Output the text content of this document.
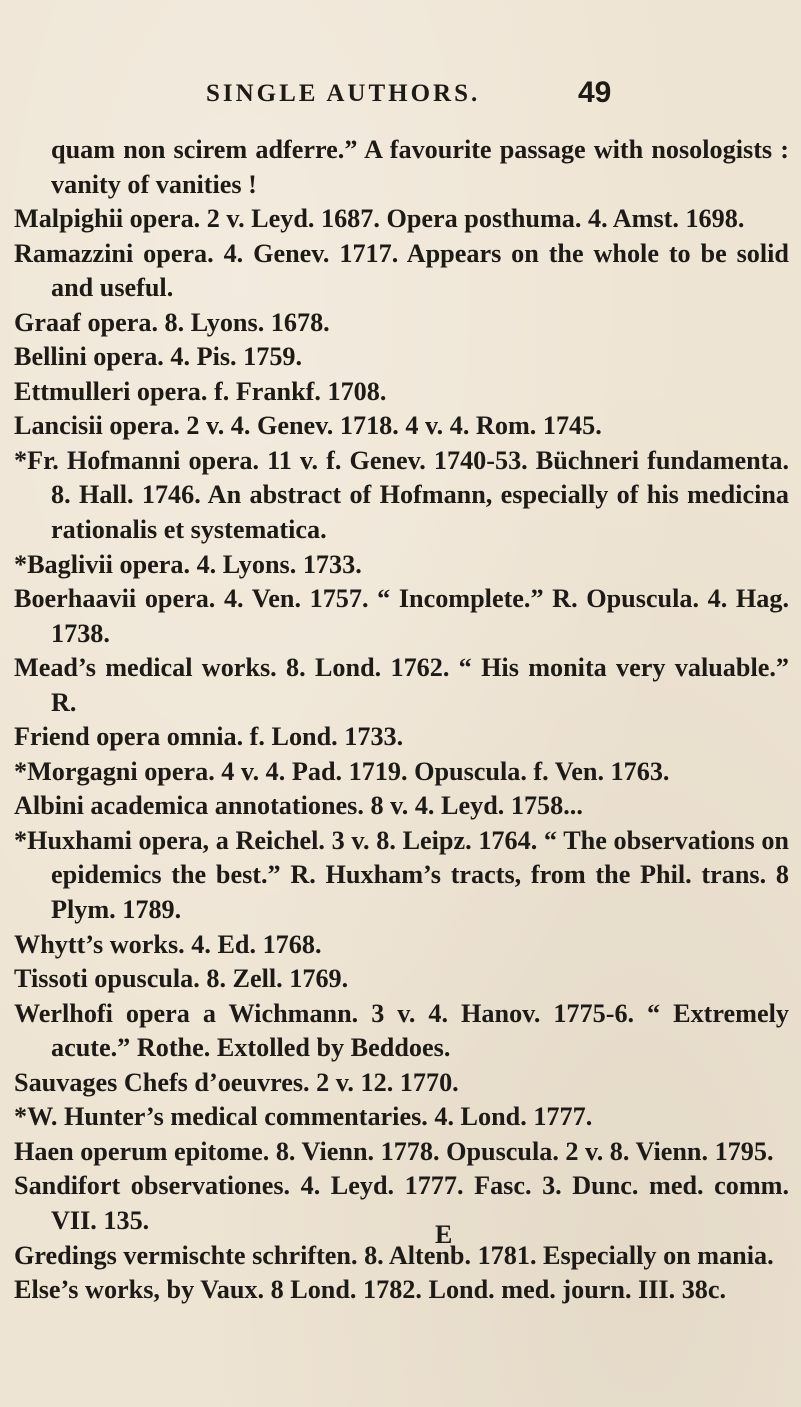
SINGLE AUTHORS.	49

quam non scirem adferre.” A favourite passage with nosologists : vanity of vanities !

Malpighii opera. 2 v. Leyd. 1687. Opera posthuma. 4. Amst. 1698.

Ramazzini opera. 4. Genev. 1717. Appears on the whole to be solid and useful.

Graaf opera. 8. Lyons. 1678.

Bellini opera. 4. Pis. 1759.

Ettmulleri opera. f. Frankf. 1708.

Lancisii opera. 2 v. 4. Genev. 1718. 4 v. 4. Rom. 1745.

*Fr. Hofmanni opera. 11 v. f. Genev. 1740-53. Büchneri fundamenta. 8. Hall. 1746. An abstract of Hofmann, especially of his medicina rationalis et systematica.

*Baglivii opera. 4. Lyons. 1733.

Boerhaavii opera. 4. Ven. 1757. “ Incomplete.” R. Opuscula. 4. Hag. 1738.

Mead’s medical works. 8. Lond. 1762. “ His monita very valuable.” R.

Friend opera omnia. f. Lond. 1733.

*Morgagni opera. 4 v. 4. Pad. 1719. Opuscula. f. Ven. 1763.

Albini academica annotationes. 8 v. 4. Leyd. 1758...

*Huxhami opera, a Reichel. 3 v. 8. Leipz. 1764. “ The observations on epidemics the best.” R. Huxham’s tracts, from the Phil. trans. 8 Plym. 1789.

Whytt’s works. 4. Ed. 1768.

Tissoti opuscula. 8. Zell. 1769.

Werlhofi opera a Wichmann. 3 v. 4. Hanov. 1775-6. “ Extremely acute.” Rothe. Extolled by Beddoes.

Sauvages Chefs d’oeuvres. 2 v. 12. 1770.

*W. Hunter’s medical commentaries. 4. Lond. 1777.

Haen operum epitome. 8. Vienn. 1778. Opuscula. 2 v. 8. Vienn. 1795.

Sandifort observationes. 4. Leyd. 1777. Fasc. 3. Dunc. med. comm. VII. 135.

Gredings vermischte schriften. 8. Altenb. 1781. Especially on mania.

Else’s works, by Vaux. 8 Lond. 1782. Lond. med. journ. III. 38c.

E
